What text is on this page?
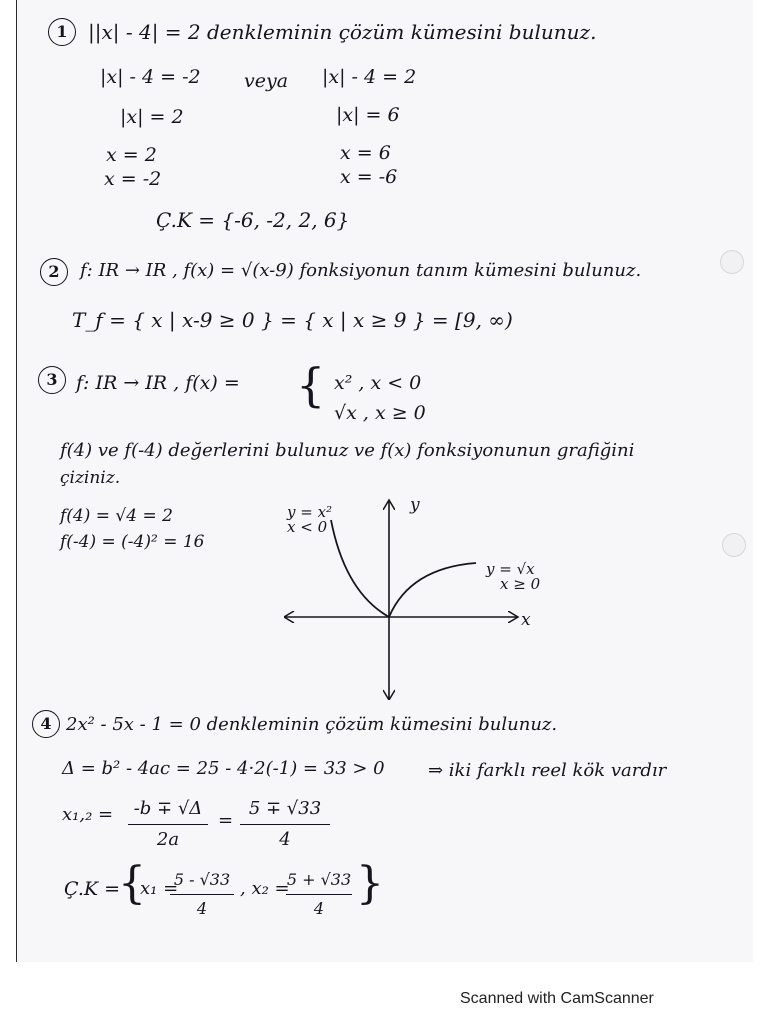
1	||x| - 4| = 2 denkleminin çözüm kümesini bulunuz.
|x| - 4 = -2 veya |x| - 4 = 2
|x| = 2	|x| = 6
x = 2
x = -2
x = 6
x = -6
Ç.K = {-6, -2, 2, 6}
2	f: IR → IR , f(x) = √(x-9) fonksiyonun tanım kümesini bulunuz.
T_f = { x | x-9 ≥ 0 } = { x | x ≥ 9 } = [9, ∞)
3 f: IR → IR , f(x) = { x² , x < 0
√x , x ≥ 0
f(4) ve f(-4) değerlerini bulunuz ve f(x) fonksiyonunun grafiğini
çiziniz.
f(4) = √4 = 2
f(-4) = (-4)² = 16
y
x
y = x²
x < 0
y = √x
x ≥ 0
4 2x² - 5x - 1 = 0 denkleminin çözüm kümesini bulunuz.
Δ = b² - 4ac = 25 - 4·2(-1) = 33 > 0 ⇒ iki farklı reel kök vardır
x₁,₂ =	-b ∓ √Δ
2a
=
5 ∓ √33
4
Ç.K =
{
x₁ =
5 - √33
4
, x₂ =
5 + √33
4 }
Scanned with CamScanner
